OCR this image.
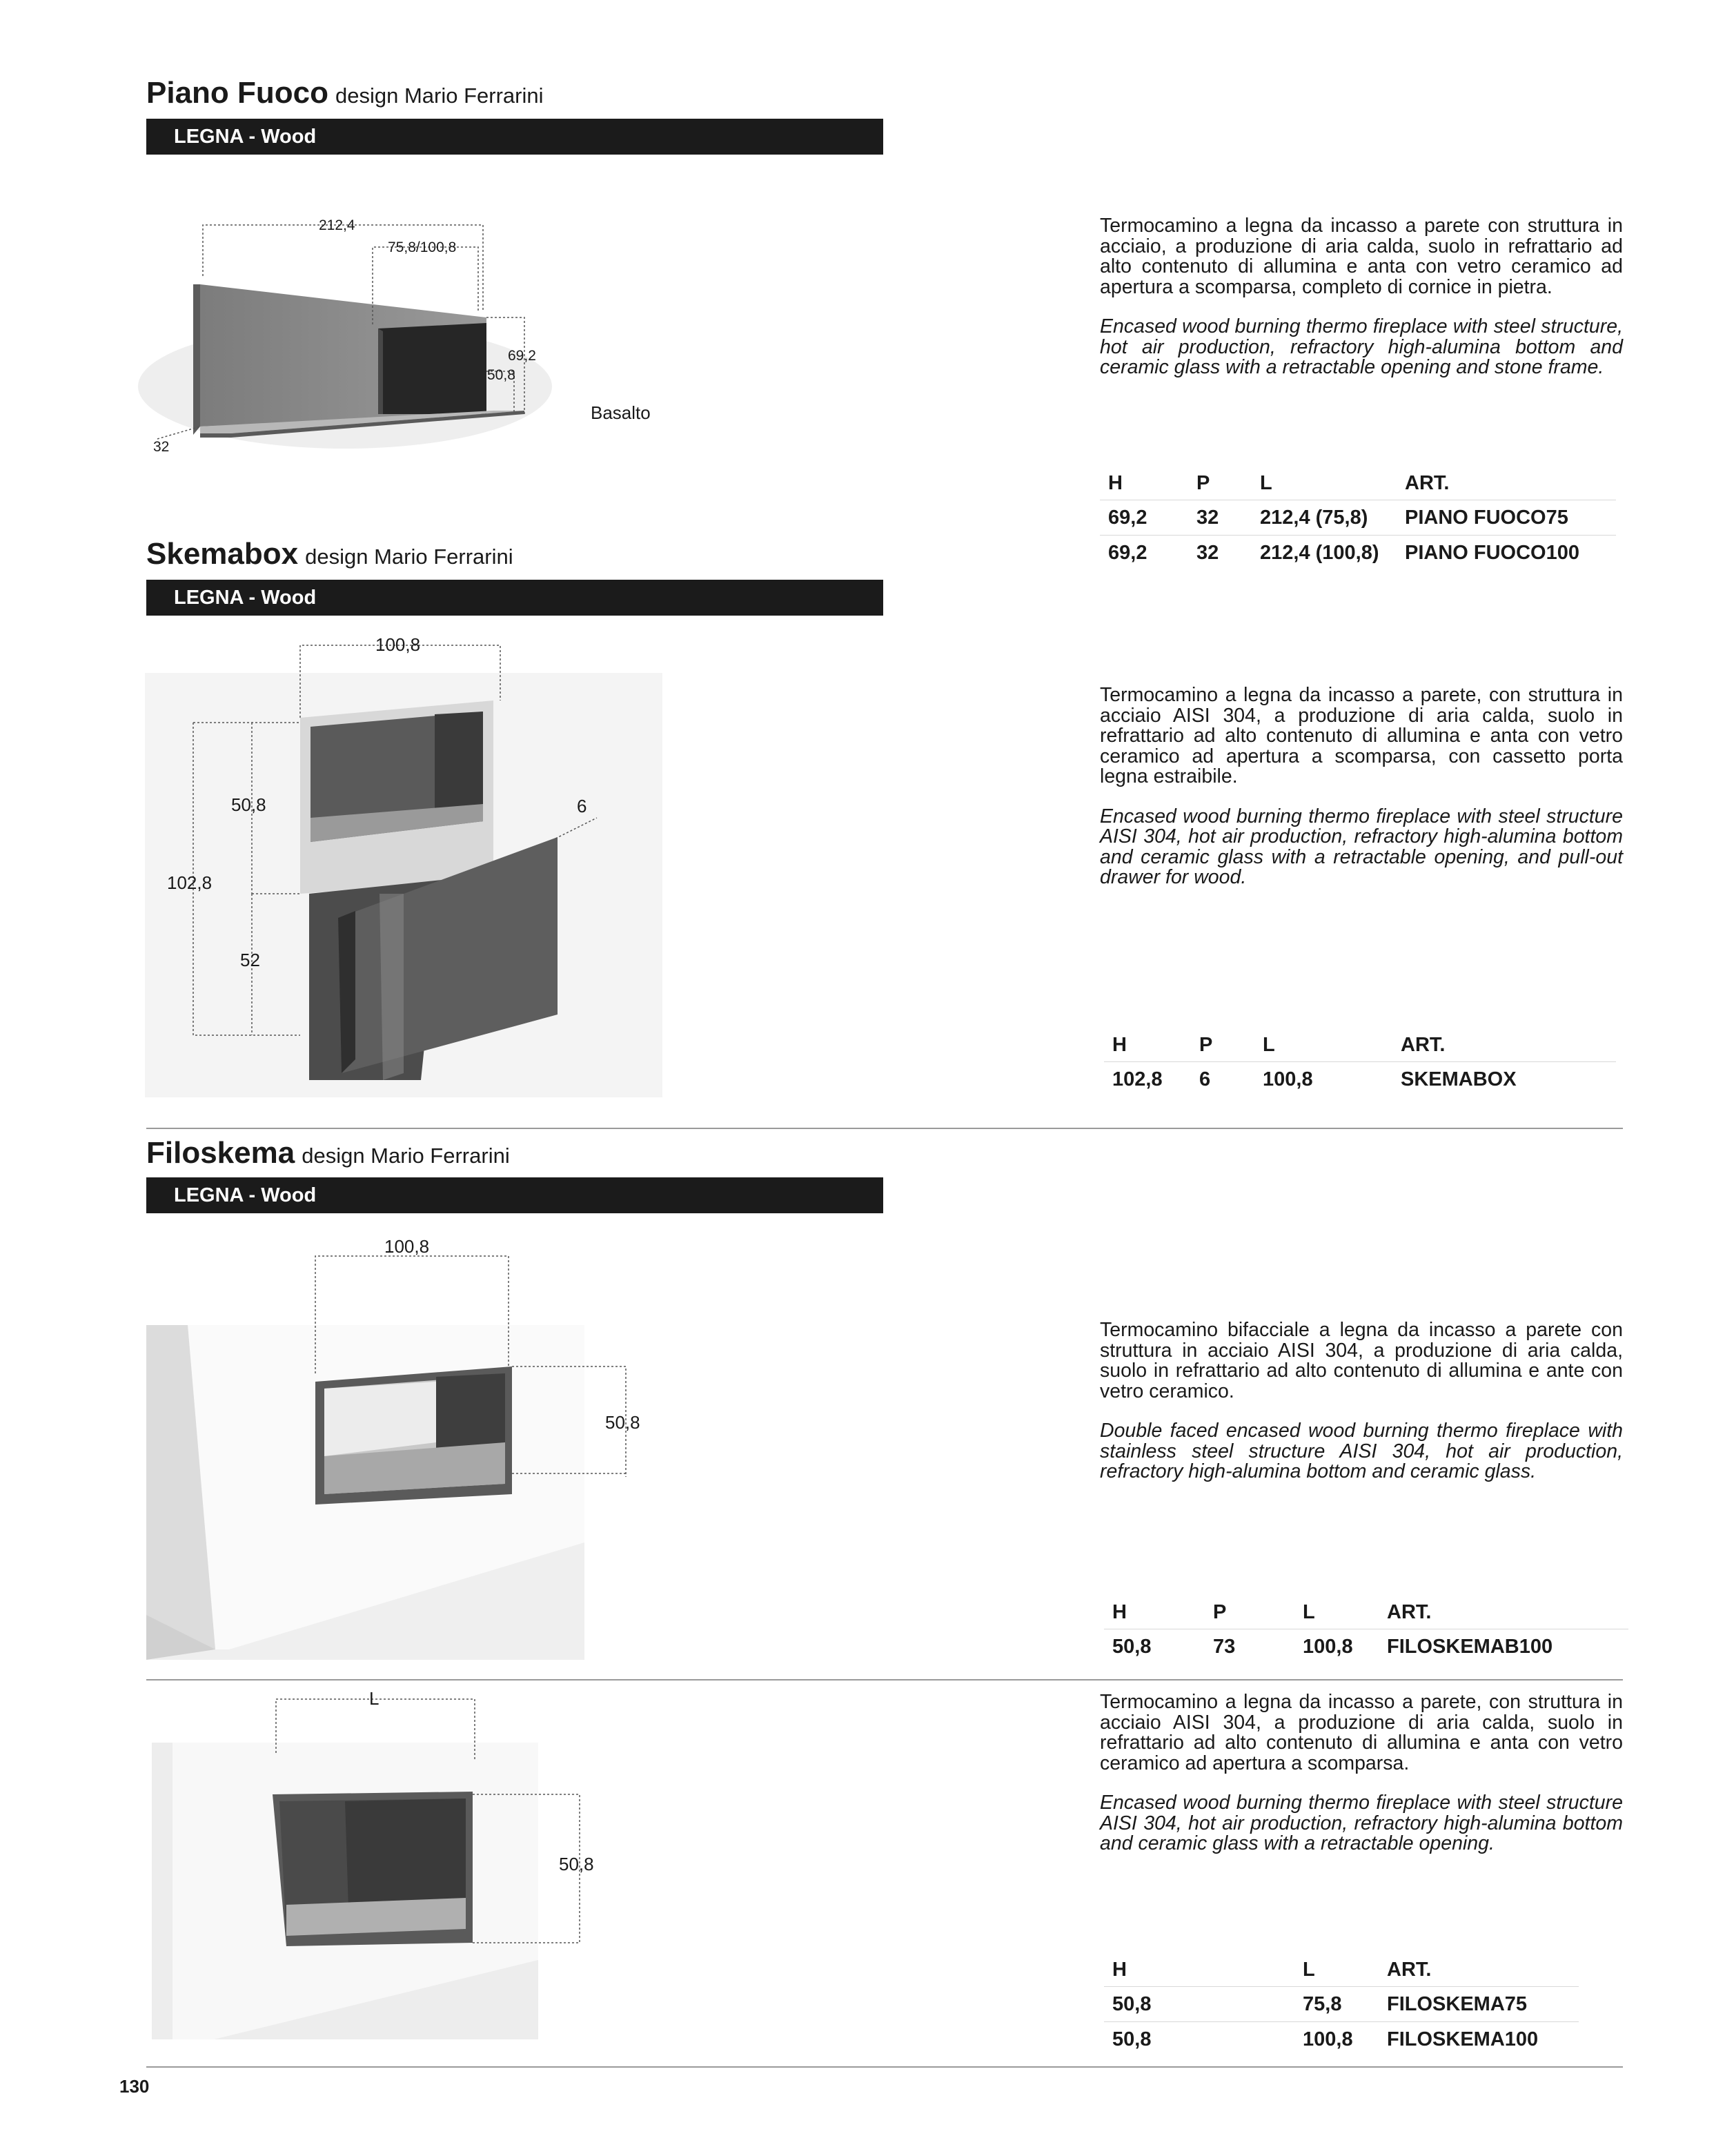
Piano Fuoco design Mario Ferrarini
LEGNA - Wood
212,4
75,8/100,8
69,2
50,8
32
Basalto

Termocamino a legna da incasso a parete con struttura in acciaio, a produzione di aria calda, suolo in refrattario ad alto contenuto di allumina e anta con vetro ceramico ad apertura a scomparsa, completo di cornice in pietra.

Encased wood burning thermo fireplace with steel structure, hot air production, refractory high-alumina bottom and ceramic glass with a retractable opening and stone frame.

H	P	L	ART.
69,2	32	212,4 (75,8)	PIANO FUOCO75
69,2	32	212,4 (100,8)	PIANO FUOCO100
Skemabox design Mario Ferrarini
LEGNA - Wood
100,8
50,8	6
102,8
52

Termocamino a legna da incasso a parete, con struttura in acciaio AISI 304, a produzione di aria calda, suolo in refrattario ad alto contenuto di allumina e anta con vetro ceramico ad apertura a scomparsa, con cassetto porta legna estraibile.

Encased wood burning thermo fireplace with steel structure AISI 304, hot air production, refractory high-alumina bottom and ceramic glass with a retractable opening, and pull-out drawer for wood.

H	P	L	ART.
102,8	6	100,8	SKEMABOX
Filoskema design Mario Ferrarini
LEGNA - Wood
100,8
50,8

Termocamino bifacciale a legna da incasso a parete con struttura in acciaio AISI 304, a produzione di aria calda, suolo in refrattario ad alto contenuto di allumina e ante con vetro ceramico.

Double faced encased wood burning thermo fireplace with stainless steel structure AISI 304, hot air production, refractory high-alumina bottom and ceramic glass.

H	P	L	ART.
50,8	73	100,8	FILOSKEMAB100
L
50,8

Termocamino a legna da incasso a parete, con struttura in acciaio AISI 304, a produzione di aria calda, suolo in refrattario ad alto contenuto di allumina e anta con vetro ceramico ad apertura a scomparsa.

Encased wood burning thermo fireplace with steel structure AISI 304, hot air production, refractory high-alumina bottom and ceramic glass with a retractable opening.

H	L	ART.
50,8	75,8	FILOSKEMA75
50,8	100,8	FILOSKEMA100
130
